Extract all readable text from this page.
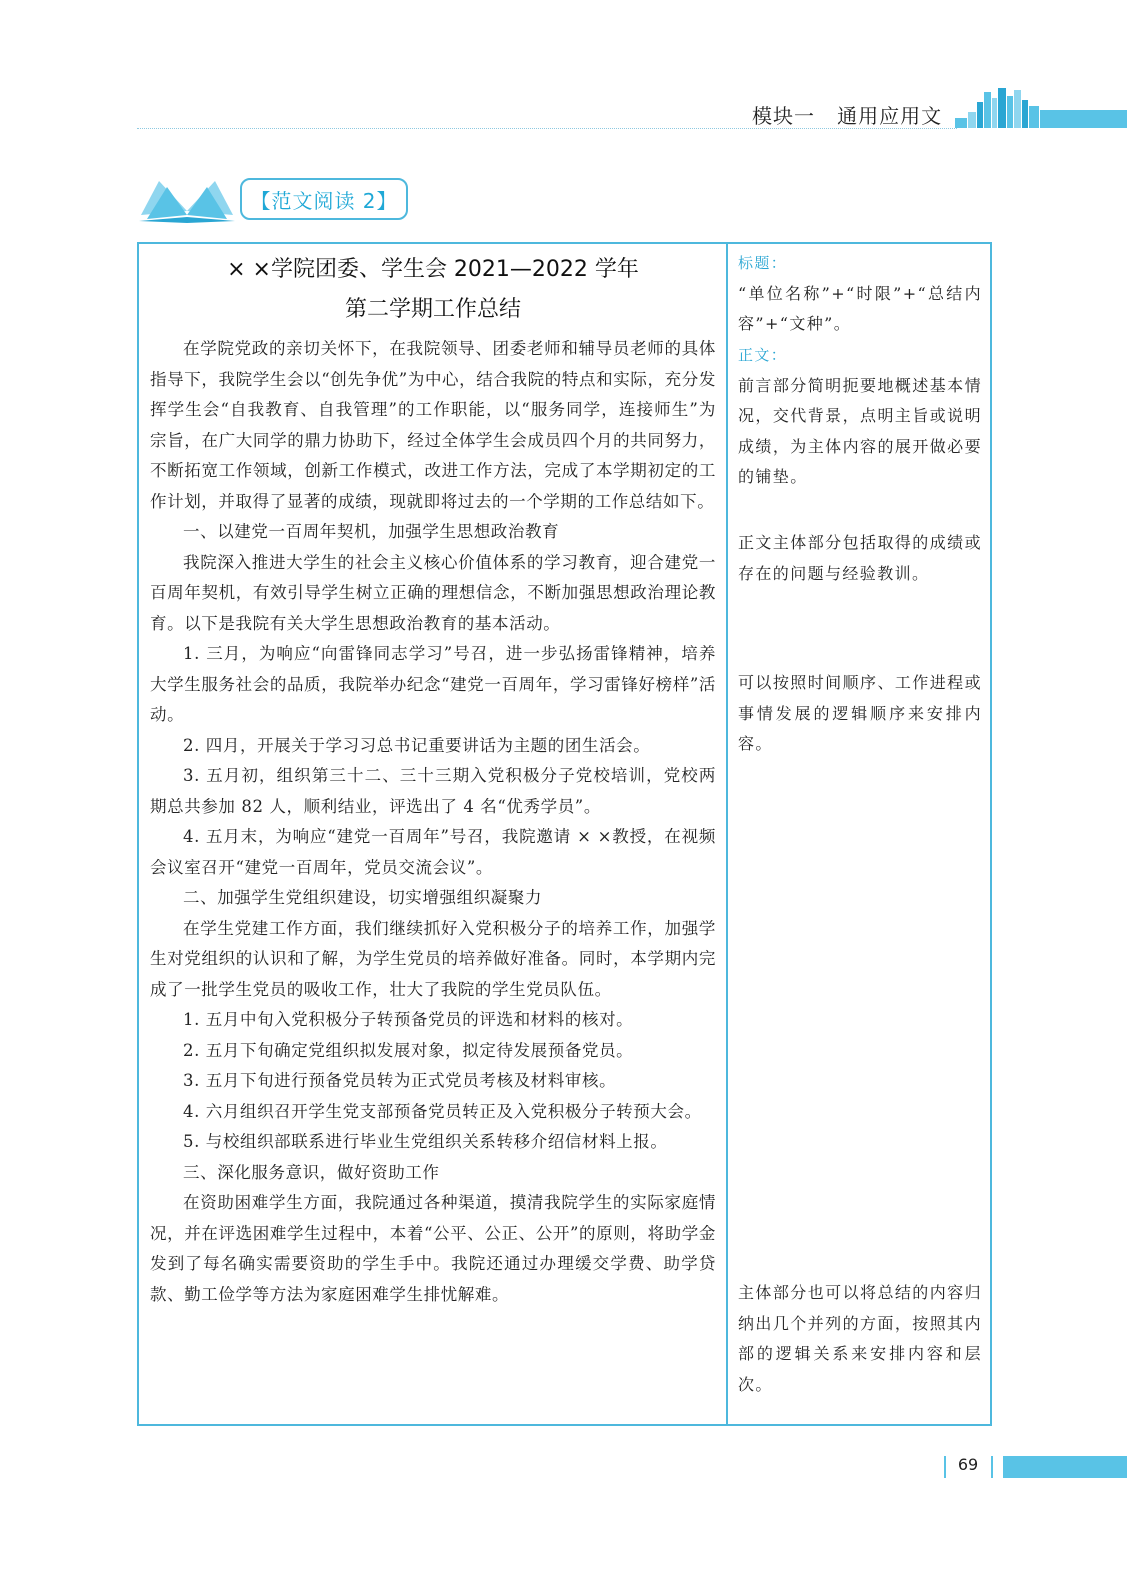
模块一 通用应用文
【范文阅读 2】
× ×学院团委、学生会 2021—2022 学年
第二学期工作总结

在学院党政的亲切关怀下，在我院领导、团委老师和辅导员老师的具体指导下，我院学生会以“创先争优”为中心，结合我院的特点和实际，充分发挥学生会“自我教育、自我管理”的工作职能，以“服务同学，连接师生”为宗旨，在广大同学的鼎力协助下，经过全体学生会成员四个月的共同努力，不断拓宽工作领域，创新工作模式，改进工作方法，完成了本学期初定的工作计划，并取得了显著的成绩，现就即将过去的一个学期的工作总结如下。

一、以建党一百周年契机，加强学生思想政治教育

我院深入推进大学生的社会主义核心价值体系的学习教育，迎合建党一百周年契机，有效引导学生树立正确的理想信念，不断加强思想政治理论教育。以下是我院有关大学生思想政治教育的基本活动。

1. 三月，为响应“向雷锋同志学习”号召，进一步弘扬雷锋精神，培养大学生服务社会的品质，我院举办纪念“建党一百周年，学习雷锋好榜样”活动。

2. 四月，开展关于学习习总书记重要讲话为主题的团生活会。

3. 五月初，组织第三十二、三十三期入党积极分子党校培训，党校两期总共参加 82 人，顺利结业，评选出了 4 名“优秀学员”。

4. 五月末，为响应“建党一百周年”号召，我院邀请 × ×教授，在视频会议室召开“建党一百周年，党员交流会议”。

二、加强学生党组织建设，切实增强组织凝聚力

在学生党建工作方面，我们继续抓好入党积极分子的培养工作，加强学生对党组织的认识和了解，为学生党员的培养做好准备。同时，本学期内完成了一批学生党员的吸收工作，壮大了我院的学生党员队伍。

1. 五月中旬入党积极分子转预备党员的评选和材料的核对。

2. 五月下旬确定党组织拟发展对象，拟定待发展预备党员。

3. 五月下旬进行预备党员转为正式党员考核及材料审核。

4. 六月组织召开学生党支部预备党员转正及入党积极分子转预大会。

5. 与校组织部联系进行毕业生党组织关系转移介绍信材料上报。

三、深化服务意识，做好资助工作

在资助困难学生方面，我院通过各种渠道，摸清我院学生的实际家庭情况，并在评选困难学生过程中，本着“公平、公正、公开”的原则，将助学金发到了每名确实需要资助的学生手中。我院还通过办理缓交学费、助学贷款、勤工俭学等方法为家庭困难学生排忧解难。

标题：
“单位名称”+“时限”+“总结内容”+“文种”。
正文：
前言部分简明扼要地概述基本情况，交代背景，点明主旨或说明成绩，为主体内容的展开做必要的铺垫。
正文主体部分包括取得的成绩或存在的问题与经验教训。
可以按照时间顺序、工作进程或事情发展的逻辑顺序来安排内容。
主体部分也可以将总结的内容归纳出几个并列的方面，按照其内部的逻辑关系来安排内容和层次。
69
